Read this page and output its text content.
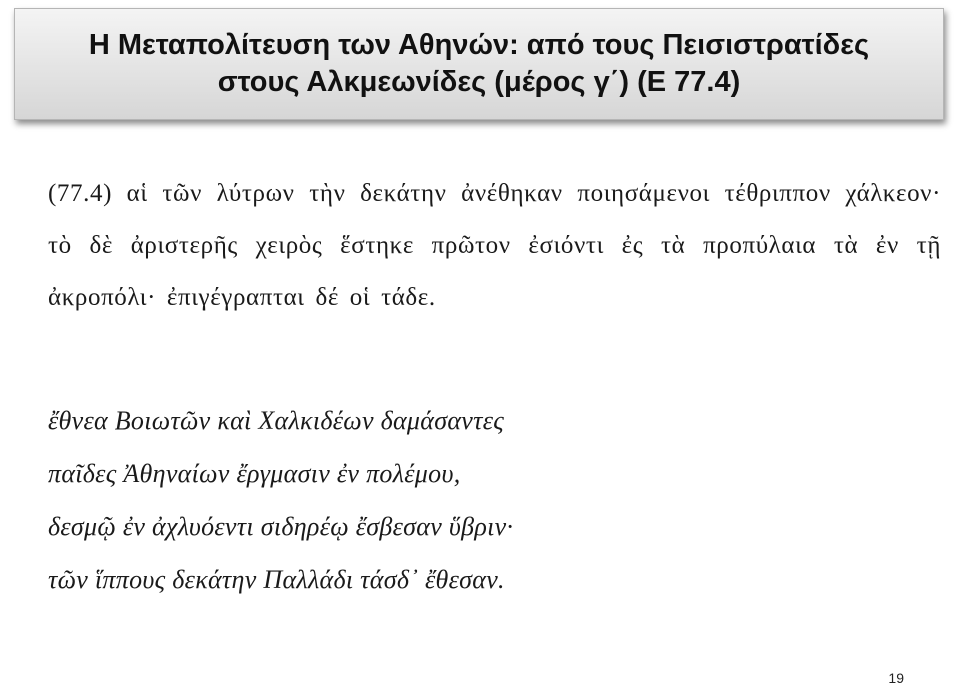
Η Μεταπολίτευση των Αθηνών: από τους Πεισιστρατίδες
στους Αλκμεωνίδες (μέρος γ΄) (Ε 77.4)

(77.4) αἱ τῶν λύτρων τὴν δεκάτην ἀνέθηκαν ποιησάμενοι τέθριππον χάλκεον· τὸ δὲ ἀριστερῆς χειρὸς ἕστηκε πρῶτον ἐσιόντι ἐς τὰ προπύλαια τὰ ἐν τῇ ἀκροπόλι· ἐπιγέγραπται δέ οἱ τάδε.

ἔθνεα Βοιωτῶν καὶ Χαλκιδέων δαμάσαντες
παῖδες Ἀθηναίων ἔργμασιν ἐν πολέμου,
δεσμῷ ἐν ἀχλυόεντι σιδηρέῳ ἔσβεσαν ὕβριν·
τῶν ἵππους δεκάτην Παλλάδι τάσδ᾽ ἔθεσαν.
19
